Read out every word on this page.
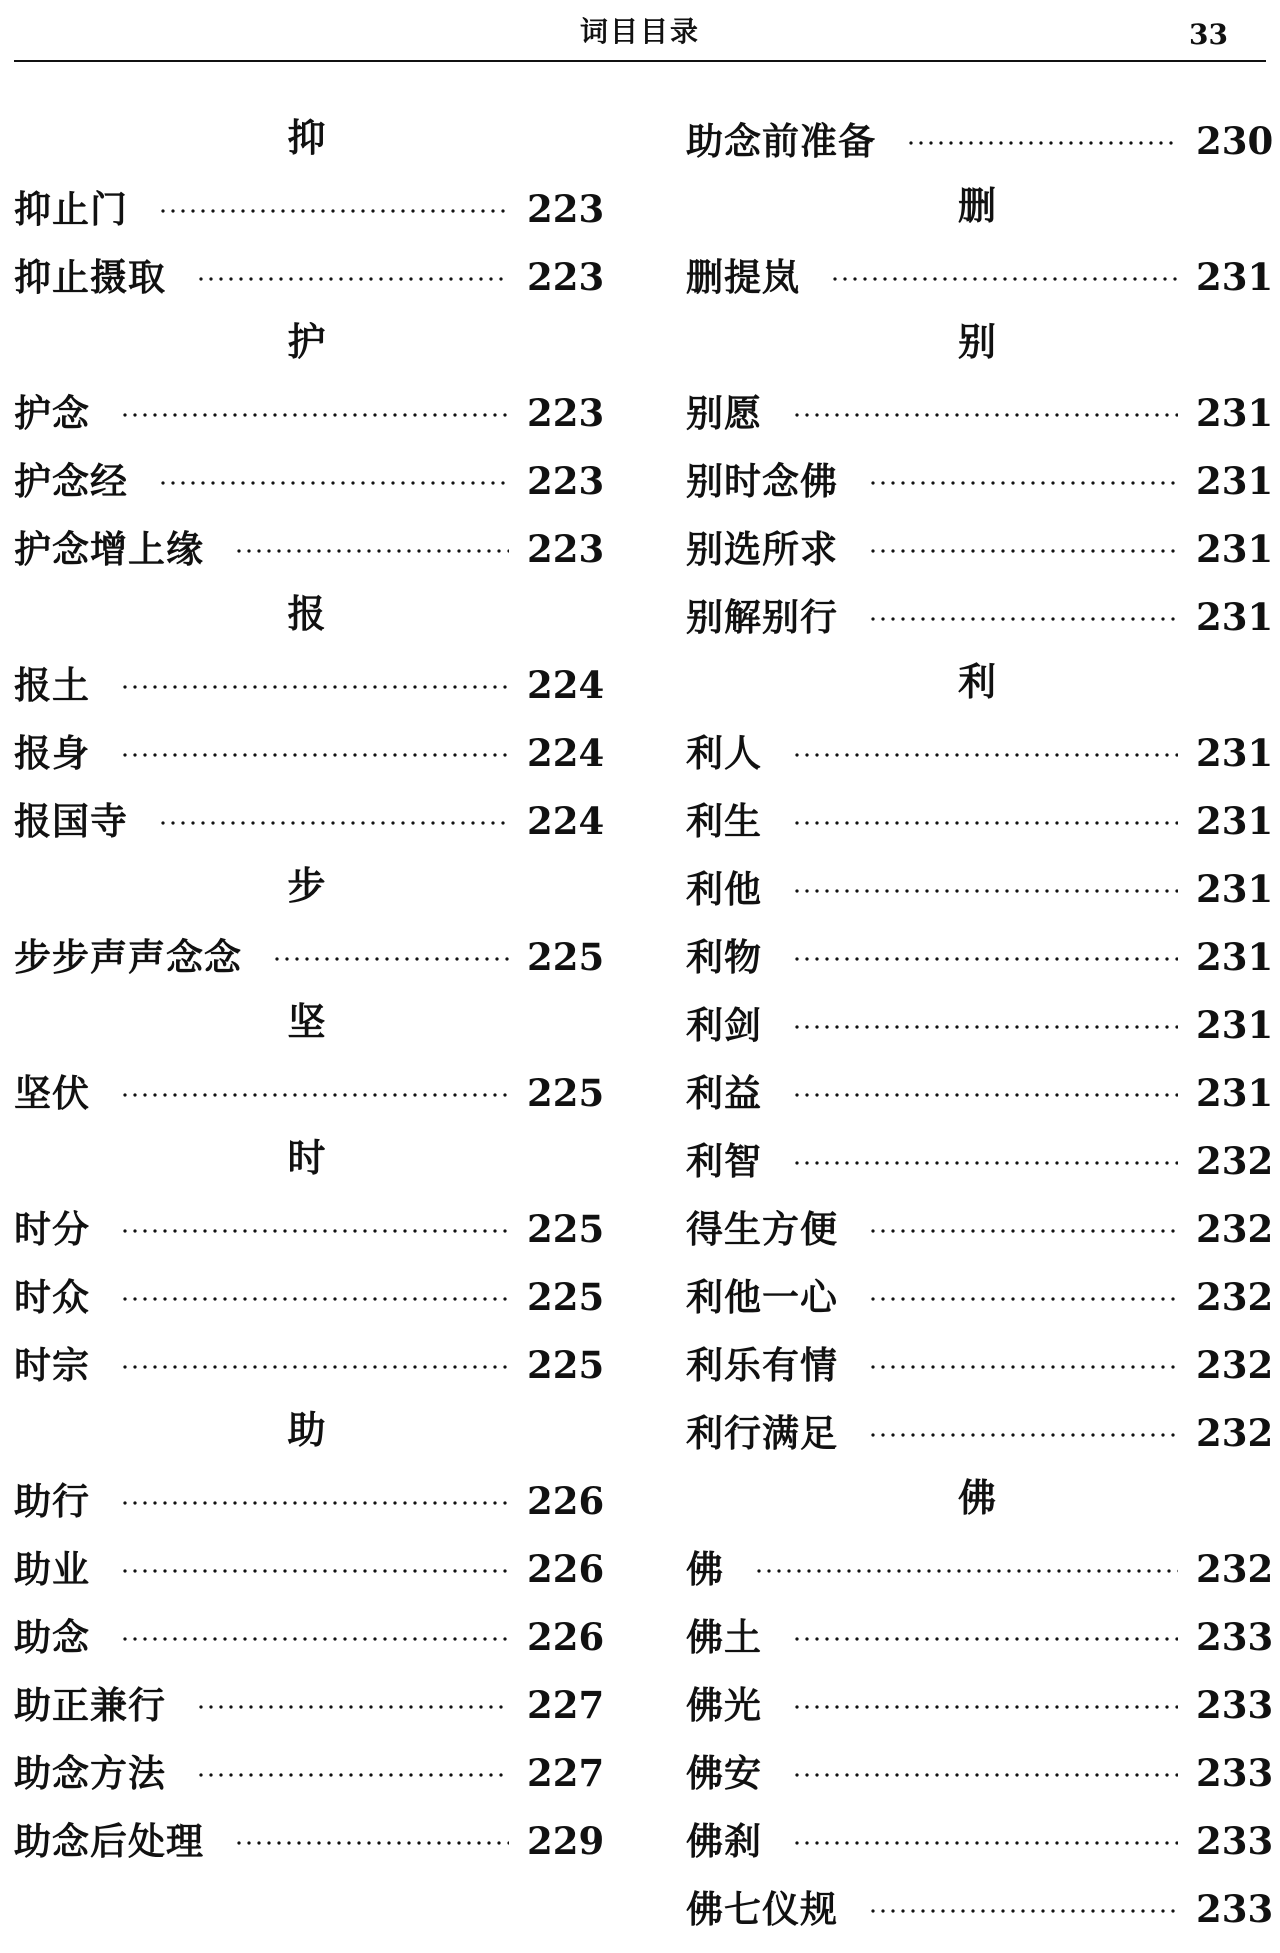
词目目录	33
抑
抑止门	223
抑止摄取	223
护
护念	223
护念经	223
护念增上缘	223
报
报土	224
报身	224
报国寺	224
步
步步声声念念	225
坚
坚伏	225
时
时分	225
时众	225
时宗	225
助
助行	226
助业	226
助念	226
助正兼行	227
助念方法	227
助念后处理	229
助念前准备	230
删
删提岚	231
别
别愿	231
别时念佛	231
别选所求	231
别解别行	231
利
利人	231
利生	231
利他	231
利物	231
利剑	231
利益	231
利智	232
得生方便	232
利他一心	232
利乐有情	232
利行满足	232
佛
佛	232
佛土	233
佛光	233
佛安	233
佛刹	233
佛七仪规	233
